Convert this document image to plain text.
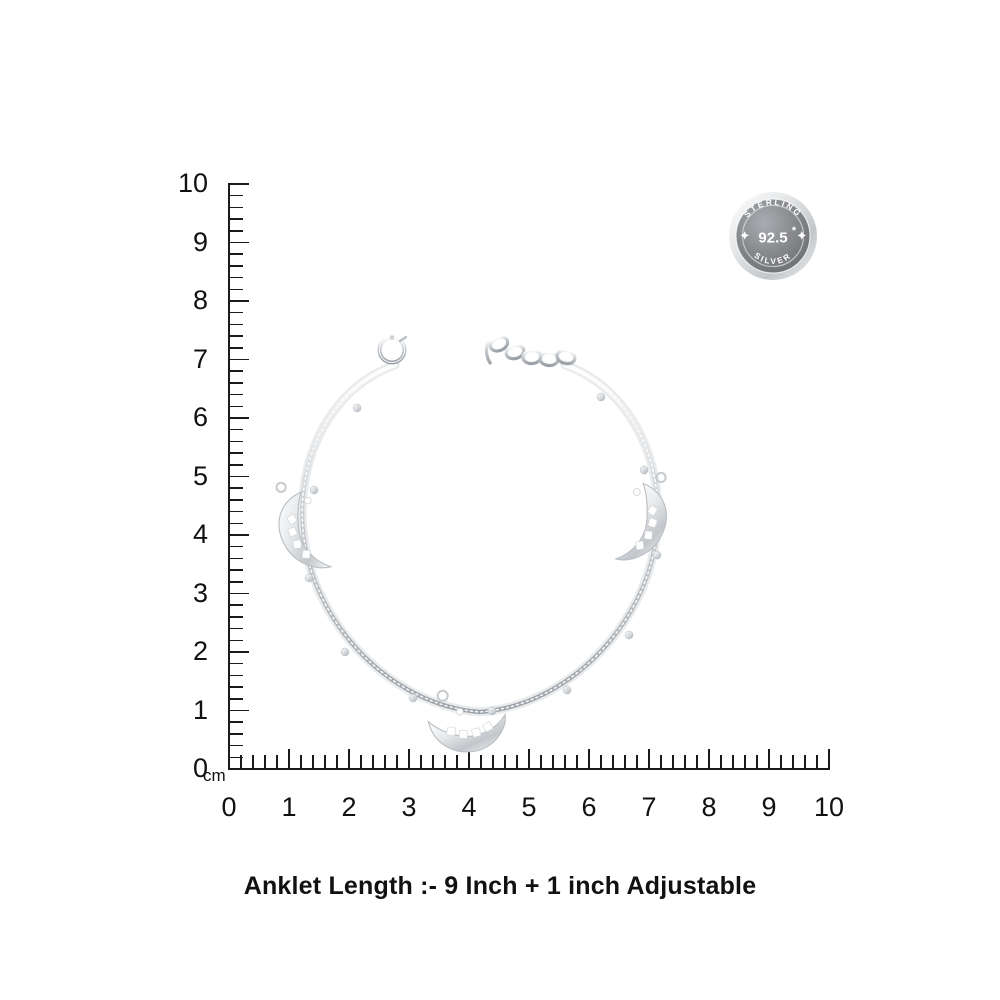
10
9
8
7
6
5
4
3
2
1
0
0	1	2	3	4	5	6	7	8	9	10
cm
STERLING
SILVER
92.5 *
Anklet Length :- 9 Inch + 1 inch Adjustable
